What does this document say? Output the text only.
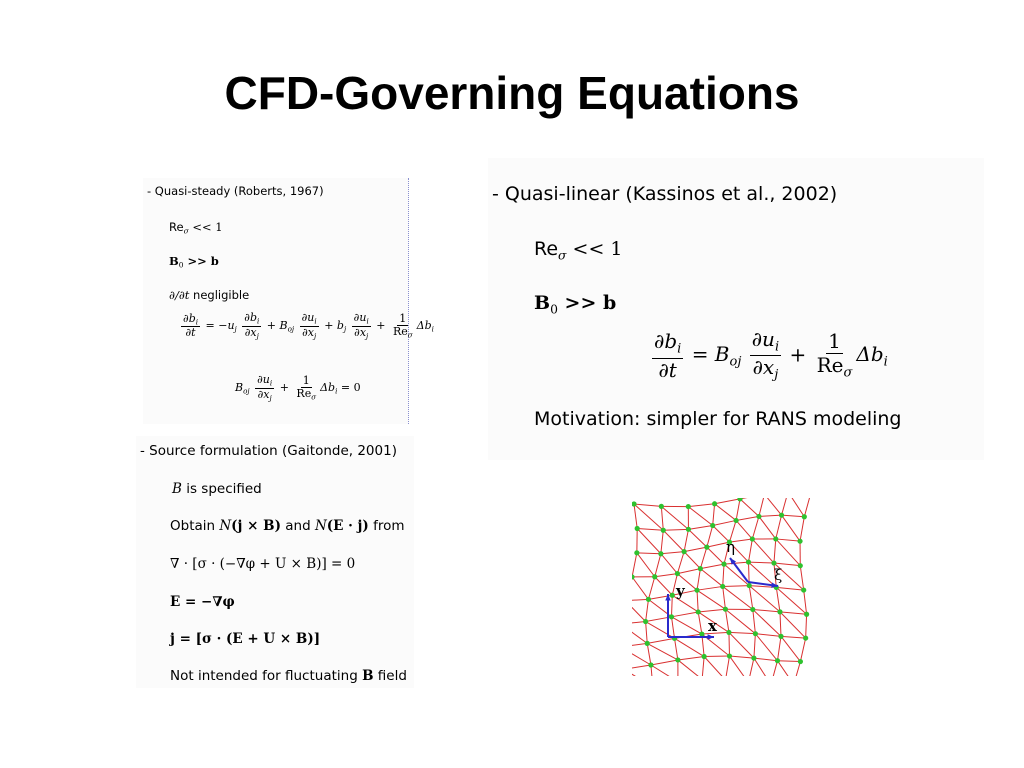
CFD-Governing Equations
- Quasi-steady (Roberts, 1967)
$Re_\sigma << 1$
$B_0 >> b$
∂/∂t negligible
$\frac{\partial b_i}{\partial t} = -u_j \frac{\partial b_i}{\partial x_j} + B_{oj} \frac{\partial u_i}{\partial x_j} + b_j \frac{\partial u_i}{\partial x_j} + \frac{1}{Re_\sigma} \Delta b_i$
$B_{oj} \frac{\partial u_i}{\partial x_j} + \frac{1}{Re_\sigma} \Delta b_i = 0$
- Source formulation (Gaitonde, 2001)
B is specified
Obtain N(j × B) and N(E · j) from
∇ · [σ · (−∇φ + U × B)] = 0
E = −∇φ
j = [σ · (E + U × B)]
Not intended for fluctuating B field
- Quasi-linear (Kassinos et al., 2002)
$Re_\sigma << 1$
$B_0 >> b$
$\frac{\partial b_i}{\partial t} = B_{oj} \frac{\partial u_i}{\partial x_j} + \frac{1}{Re_\sigma} \Delta b_i$
Motivation: simpler for RANS modeling
η
ξ
y
x
